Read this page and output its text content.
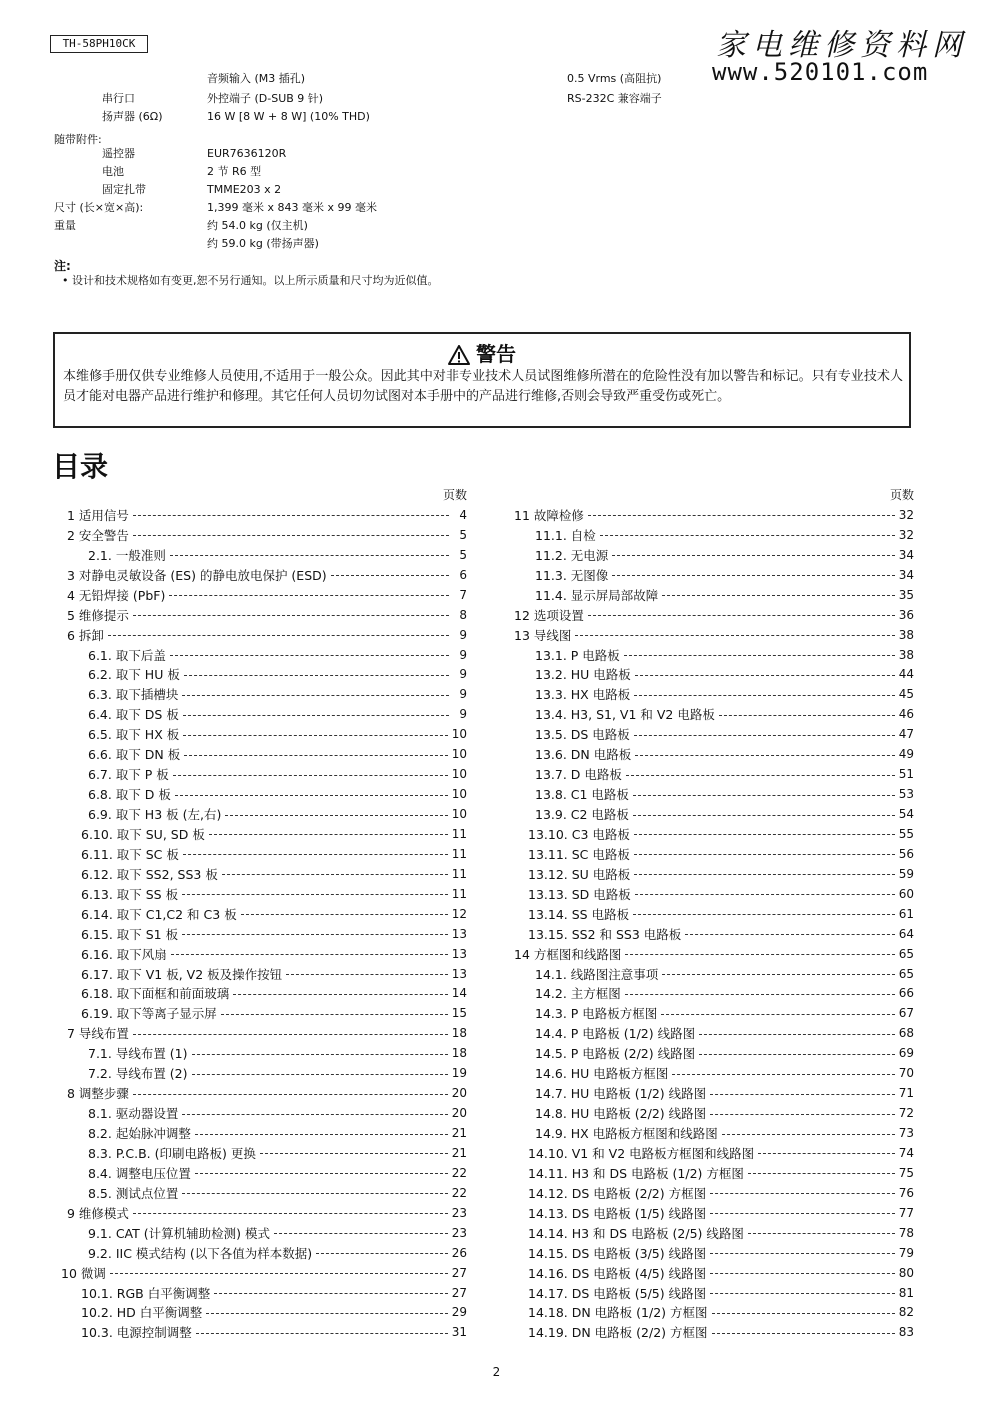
TH-58PH10CK	家电维修资料网
www.520101.com
音频输入 (M3 插孔)	0.5 Vrms (高阻抗)
串行口	外控端子 (D-SUB 9 针)	RS-232C 兼容端子
扬声器 (6Ω)	16 W [8 W + 8 W] (10% THD)
随带附件:
遥控器	EUR7636120R
电池	2 节 R6 型
固定扎带	TMME203 x 2
尺寸 (长×宽×高):	1,399 毫米 x 843 毫米 x 99 毫米
重量	约 54.0 kg (仅主机)
约 59.0 kg (带扬声器)
注:
• 设计和技术规格如有变更,恕不另行通知。以上所示质量和尺寸均为近似值。
警告
本维修手册仅供专业维修人员使用,不适用于一般公众。因此其中对非专业技术人员试图维修所潜在的危险性没有加以警告和标记。只有专业技术人员才能对电器产品进行维护和修理。其它任何人员切勿试图对本手册中的产品进行维修,否则会导致严重受伤或死亡。
目录
页数
1 适用信号	4
2 安全警告	5
2.1. 一般准则	5
3 对静电灵敏设备 (ES) 的静电放电保护 (ESD)	6
4 无铅焊接 (PbF)	7
5 维修提示	8
6 拆卸	9
6.1. 取下后盖	9
6.2. 取下 HU 板	9
6.3. 取下插槽块	9
6.4. 取下 DS 板	9
6.5. 取下 HX 板	10
6.6. 取下 DN 板	10
6.7. 取下 P 板	10
6.8. 取下 D 板	10
6.9. 取下 H3 板 (左,右)	10
6.10. 取下 SU, SD 板	11
6.11. 取下 SC 板	11
6.12. 取下 SS2, SS3 板	11
6.13. 取下 SS 板	11
6.14. 取下 C1,C2 和 C3 板	12
6.15. 取下 S1 板	13
6.16. 取下风扇	13
6.17. 取下 V1 板, V2 板及操作按钮	13
6.18. 取下面框和前面玻璃	14
6.19. 取下等离子显示屏	15
7 导线布置	18
7.1. 导线布置 (1)	18
7.2. 导线布置 (2)	19
8 调整步骤	20
8.1. 驱动器设置	20
8.2. 起始脉冲调整	21
8.3. P.C.B. (印刷电路板) 更换	21
8.4. 调整电压位置	22
8.5. 测试点位置	22
9 维修模式	23
9.1. CAT (计算机辅助检测) 模式	23
9.2. IIC 模式结构 (以下各值为样本数据)	26
10 微调	27
10.1. RGB 白平衡调整	27
10.2. HD 白平衡调整	29
10.3. 电源控制调整	31
页数
11 故障检修	32
11.1. 自检	32
11.2. 无电源	34
11.3. 无图像	34
11.4. 显示屏局部故障	35
12 选项设置	36
13 导线图	38
13.1. P 电路板	38
13.2. HU 电路板	44
13.3. HX 电路板	45
13.4. H3, S1, V1 和 V2 电路板	46
13.5. DS 电路板	47
13.6. DN 电路板	49
13.7. D 电路板	51
13.8. C1 电路板	53
13.9. C2 电路板	54
13.10. C3 电路板	55
13.11. SC 电路板	56
13.12. SU 电路板	59
13.13. SD 电路板	60
13.14. SS 电路板	61
13.15. SS2 和 SS3 电路板	64
14 方框图和线路图	65
14.1. 线路图注意事项	65
14.2. 主方框图	66
14.3. P 电路板方框图	67
14.4. P 电路板 (1/2) 线路图	68
14.5. P 电路板 (2/2) 线路图	69
14.6. HU 电路板方框图	70
14.7. HU 电路板 (1/2) 线路图	71
14.8. HU 电路板 (2/2) 线路图	72
14.9. HX 电路板方框图和线路图	73
14.10. V1 和 V2 电路板方框图和线路图	74
14.11. H3 和 DS 电路板 (1/2) 方框图	75
14.12. DS 电路板 (2/2) 方框图	76
14.13. DS 电路板 (1/5) 线路图	77
14.14. H3 和 DS 电路板 (2/5) 线路图	78
14.15. DS 电路板 (3/5) 线路图	79
14.16. DS 电路板 (4/5) 线路图	80
14.17. DS 电路板 (5/5) 线路图	81
14.18. DN 电路板 (1/2) 方框图	82
14.19. DN 电路板 (2/2) 方框图	83
2
